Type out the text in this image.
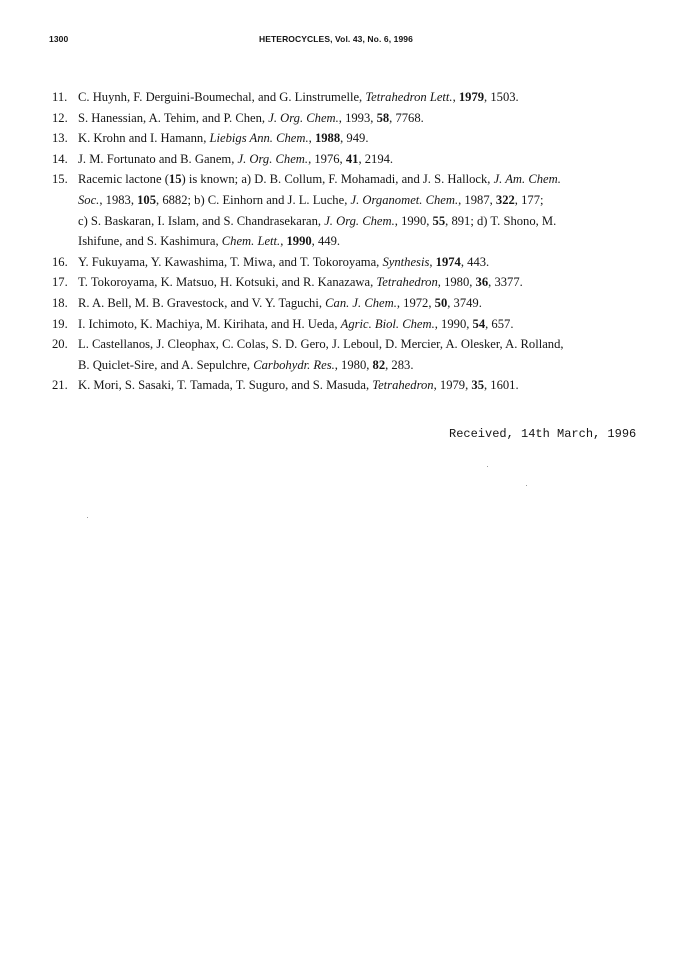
1300	HETEROCYCLES, Vol. 43, No. 6, 1996
11. C. Huynh, F. Derguini-Boumechal, and G. Linstrumelle, Tetrahedron Lett., 1979, 1503.
12. S. Hanessian, A. Tehim, and P. Chen, J. Org. Chem., 1993, 58, 7768.
13. K. Krohn and I. Hamann, Liebigs Ann. Chem., 1988, 949.
14. J. M. Fortunato and B. Ganem, J. Org. Chem., 1976, 41, 2194.
15. Racemic lactone (15) is known; a) D. B. Collum, F. Mohamadi, and J. S. Hallock, J. Am. Chem.
Soc., 1983, 105, 6882; b) C. Einhorn and J. L. Luche, J. Organomet. Chem., 1987, 322, 177;
c) S. Baskaran, I. Islam, and S. Chandrasekaran, J. Org. Chem., 1990, 55, 891; d) T. Shono, M.
Ishifune, and S. Kashimura, Chem. Lett., 1990, 449.
16. Y. Fukuyama, Y. Kawashima, T. Miwa, and T. Tokoroyama, Synthesis, 1974, 443.
17. T. Tokoroyama, K. Matsuo, H. Kotsuki, and R. Kanazawa, Tetrahedron, 1980, 36, 3377.
18. R. A. Bell, M. B. Gravestock, and V. Y. Taguchi, Can. J. Chem., 1972, 50, 3749.
19. I. Ichimoto, K. Machiya, M. Kirihata, and H. Ueda, Agric. Biol. Chem., 1990, 54, 657.
20. L. Castellanos, J. Cleophax, C. Colas, S. D. Gero, J. Leboul, D. Mercier, A. Olesker, A. Rolland,
B. Quiclet-Sire, and A. Sepulchre, Carbohydr. Res., 1980, 82, 283.
21. K. Mori, S. Sasaki, T. Tamada, T. Suguro, and S. Masuda, Tetrahedron, 1979, 35, 1601.
Received, 14th March, 1996
